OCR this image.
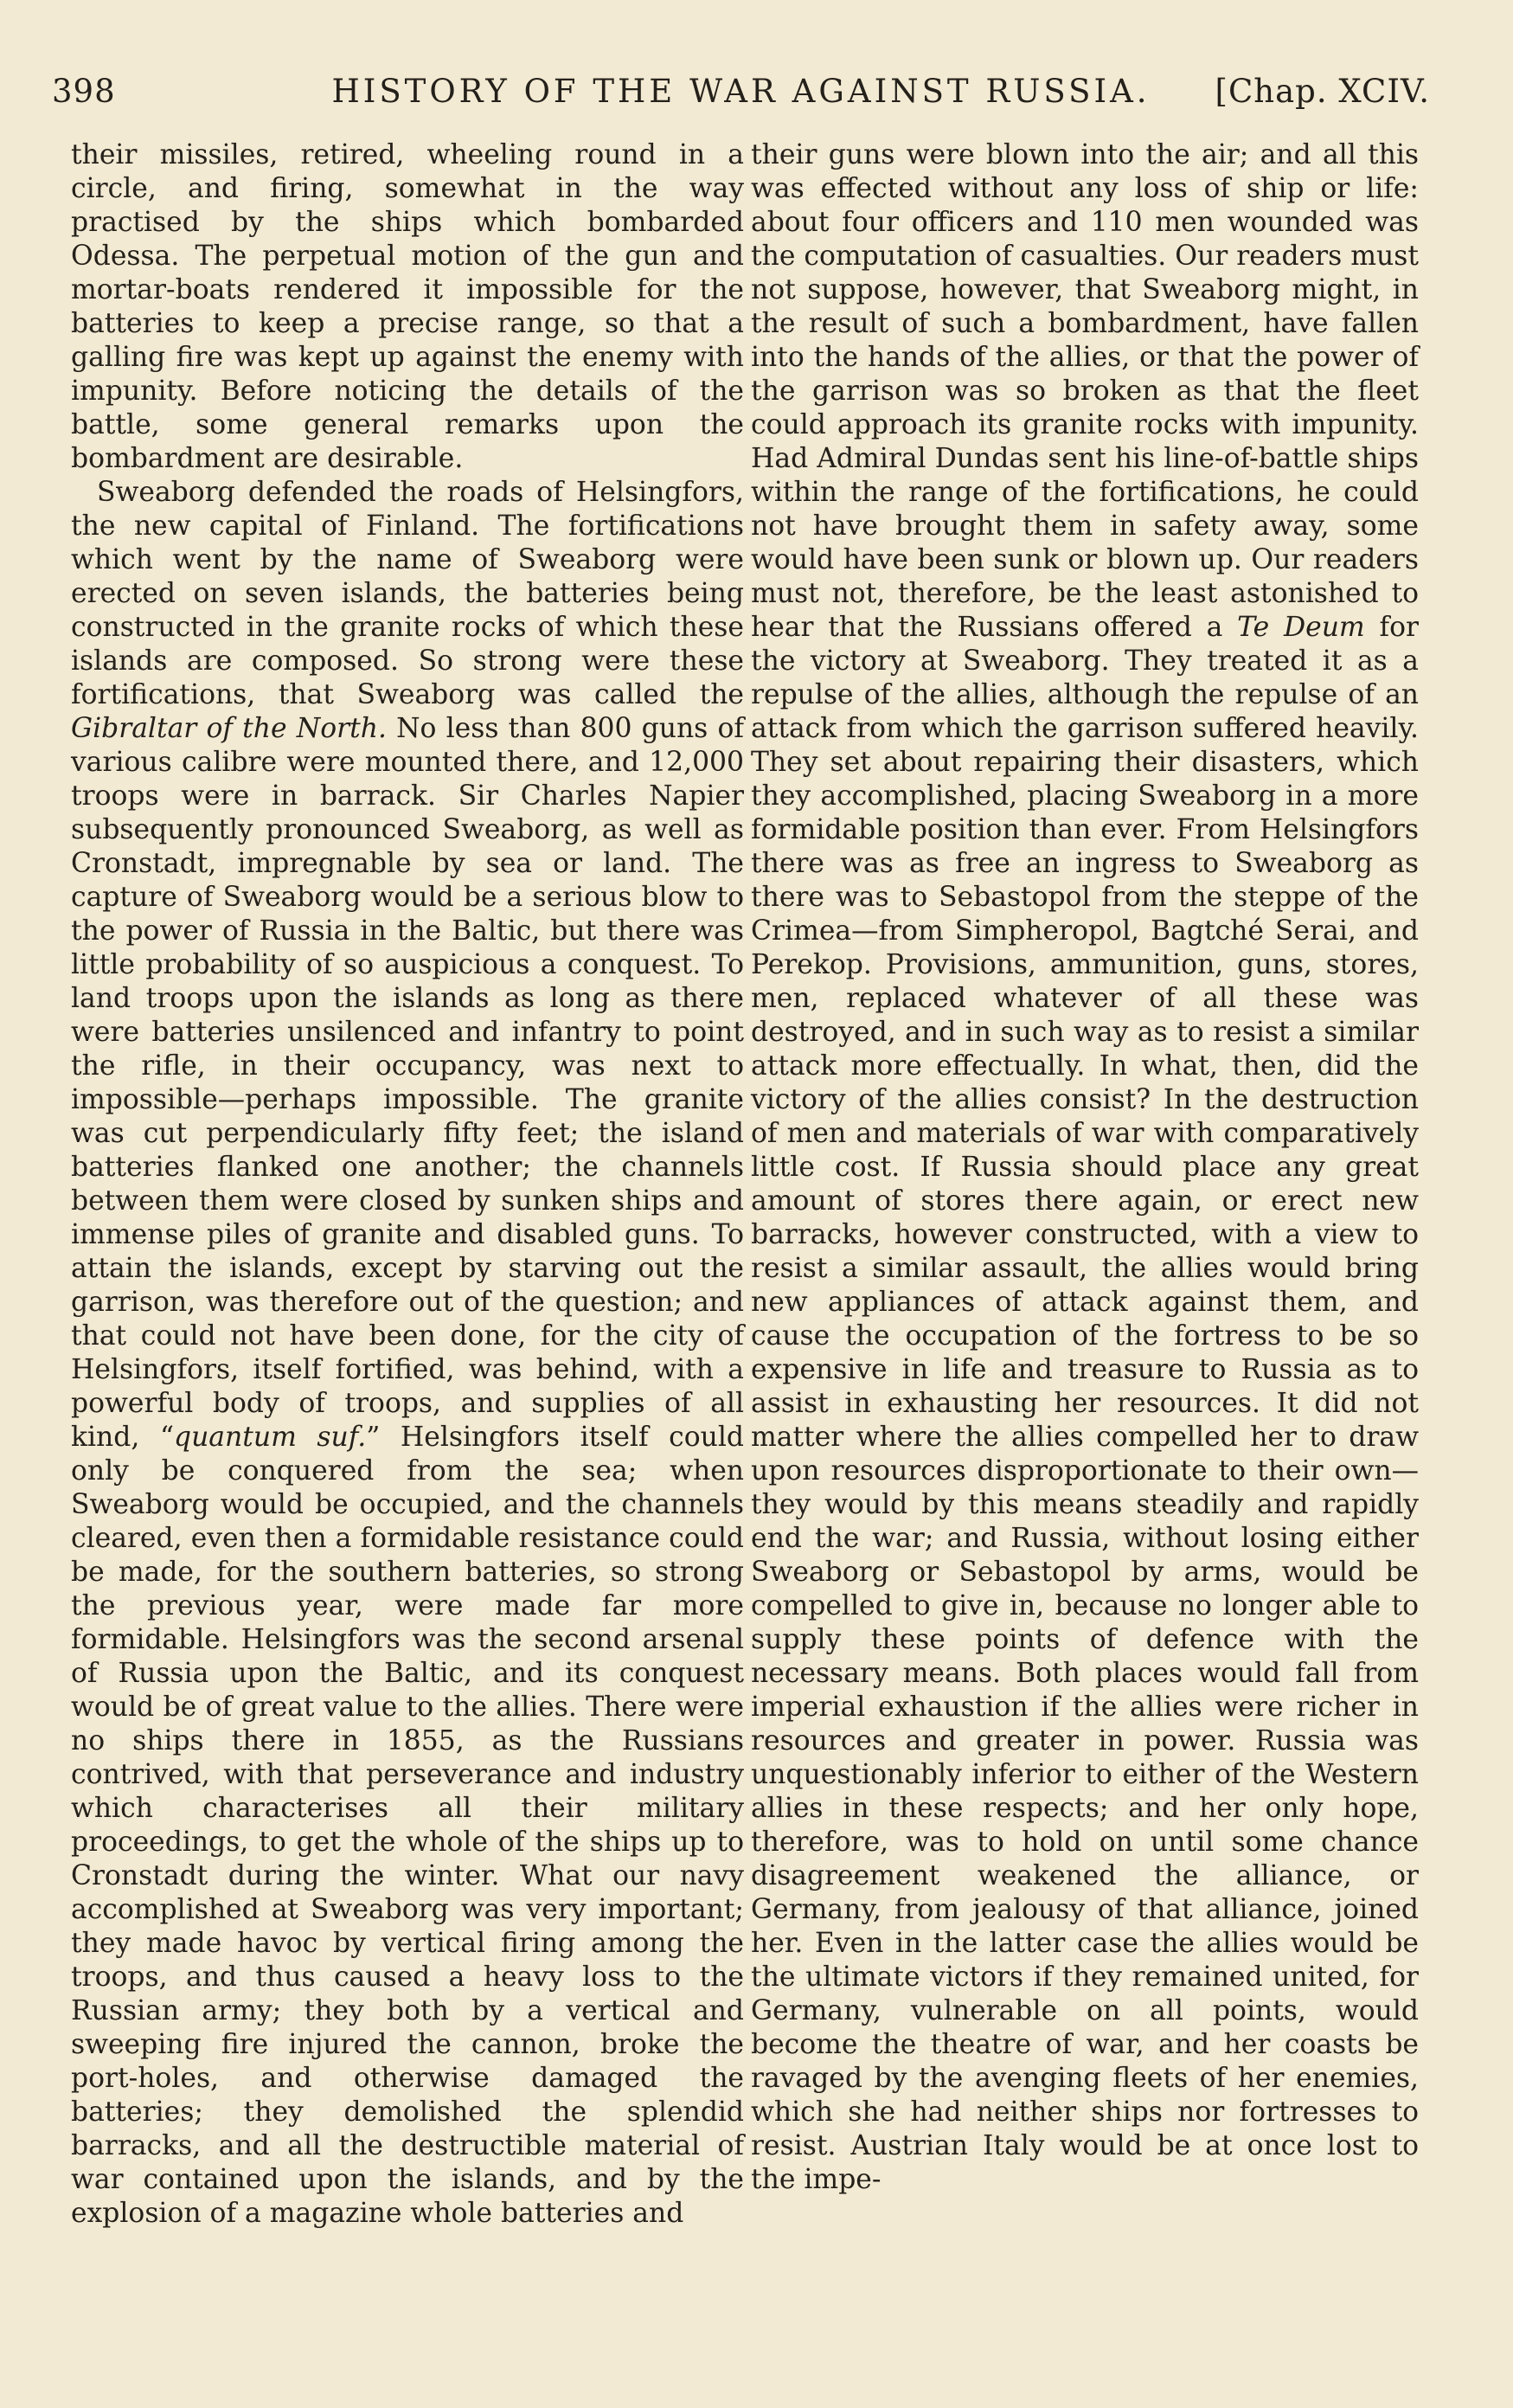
398	HISTORY OF THE WAR AGAINST RUSSIA.	[Chap. XCIV.

their missiles, retired, wheeling round in a circle, and firing, somewhat in the way practised by the ships which bombarded Odessa. The perpetual motion of the gun and mortar-boats rendered it impossible for the batteries to keep a precise range, so that a galling fire was kept up against the enemy with impunity. Before noticing the details of the battle, some general remarks upon the bombardment are desirable.

Sweaborg defended the roads of Helsingfors, the new capital of Finland. The fortifications which went by the name of Sweaborg were erected on seven islands, the batteries being constructed in the granite rocks of which these islands are composed. So strong were these fortifications, that Sweaborg was called the Gibraltar of the North. No less than 800 guns of various calibre were mounted there, and 12,000 troops were in barrack. Sir Charles Napier subsequently pronounced Sweaborg, as well as Cronstadt, impregnable by sea or land. The capture of Sweaborg would be a serious blow to the power of Russia in the Baltic, but there was little probability of so auspicious a conquest. To land troops upon the islands as long as there were batteries unsilenced and infantry to point the rifle, in their occupancy, was next to impossible—perhaps impossible. The granite was cut perpendicularly fifty feet; the island batteries flanked one another; the channels between them were closed by sunken ships and immense piles of granite and disabled guns. To attain the islands, except by starving out the garrison, was therefore out of the question; and that could not have been done, for the city of Helsingfors, itself fortified, was behind, with a powerful body of troops, and supplies of all kind, “quantum suf.” Helsingfors itself could only be conquered from the sea; when Sweaborg would be occupied, and the channels cleared, even then a formidable resistance could be made, for the southern batteries, so strong the previous year, were made far more formidable. Helsingfors was the second arsenal of Russia upon the Baltic, and its conquest would be of great value to the allies. There were no ships there in 1855, as the Russians contrived, with that perseverance and industry which characterises all their military proceedings, to get the whole of the ships up to Cronstadt during the winter. What our navy accomplished at Sweaborg was very important; they made havoc by vertical firing among the troops, and thus caused a heavy loss to the Russian army; they both by a vertical and sweeping fire injured the cannon, broke the port-holes, and otherwise damaged the batteries; they demolished the splendid barracks, and all the destructible material of war contained upon the islands, and by the explosion of a magazine whole batteries and

their guns were blown into the air; and all this was effected without any loss of ship or life: about four officers and 110 men wounded was the computation of casualties. Our readers must not suppose, however, that Sweaborg might, in the result of such a bombardment, have fallen into the hands of the allies, or that the power of the garrison was so broken as that the fleet could approach its granite rocks with impunity. Had Admiral Dundas sent his line-of-battle ships within the range of the fortifications, he could not have brought them in safety away, some would have been sunk or blown up. Our readers must not, therefore, be the least astonished to hear that the Russians offered a Te Deum for the victory at Sweaborg. They treated it as a repulse of the allies, although the repulse of an attack from which the garrison suffered heavily. They set about repairing their disasters, which they accomplished, placing Sweaborg in a more formidable position than ever. From Helsingfors there was as free an ingress to Sweaborg as there was to Sebastopol from the steppe of the Crimea—from Simpheropol, Bagtché Serai, and Perekop. Provisions, ammunition, guns, stores, men, replaced whatever of all these was destroyed, and in such way as to resist a similar attack more effectually. In what, then, did the victory of the allies consist? In the destruction of men and materials of war with comparatively little cost. If Russia should place any great amount of stores there again, or erect new barracks, however constructed, with a view to resist a similar assault, the allies would bring new appliances of attack against them, and cause the occupation of the fortress to be so expensive in life and treasure to Russia as to assist in exhausting her resources. It did not matter where the allies compelled her to draw upon resources disproportionate to their own—they would by this means steadily and rapidly end the war; and Russia, without losing either Sweaborg or Sebastopol by arms, would be compelled to give in, because no longer able to supply these points of defence with the necessary means. Both places would fall from imperial exhaustion if the allies were richer in resources and greater in power. Russia was unquestionably inferior to either of the Western allies in these respects; and her only hope, therefore, was to hold on until some chance disagreement weakened the alliance, or Germany, from jealousy of that alliance, joined her. Even in the latter case the allies would be the ultimate victors if they remained united, for Germany, vulnerable on all points, would become the theatre of war, and her coasts be ravaged by the avenging fleets of her enemies, which she had neither ships nor fortresses to resist. Austrian Italy would be at once lost to the impe-
